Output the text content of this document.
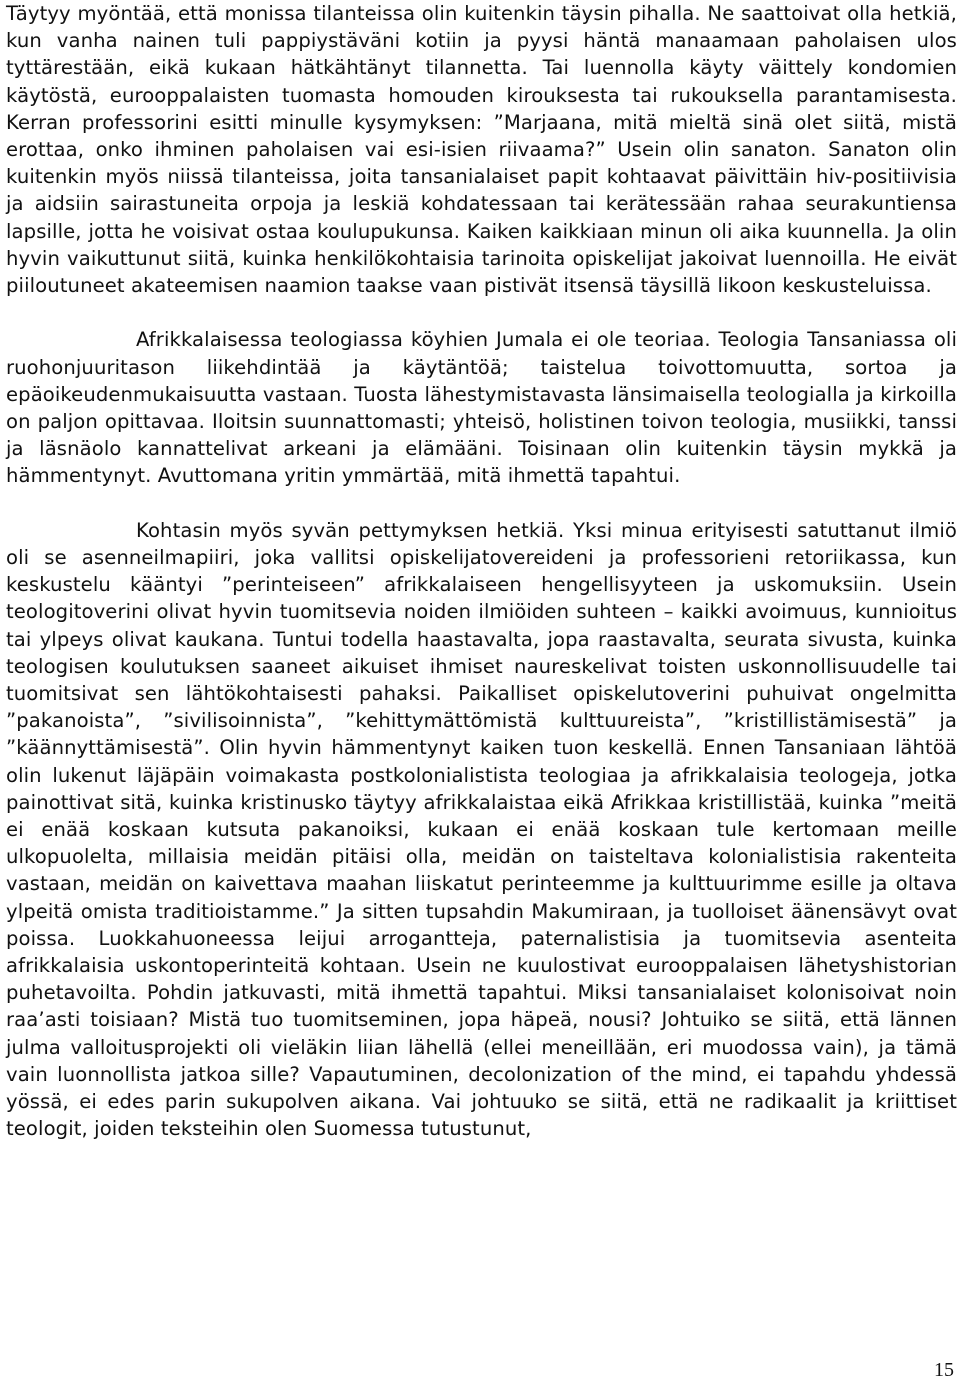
Täytyy myöntää, että monissa tilanteissa olin kuitenkin täysin pihalla. Ne saattoivat olla hetkiä, kun vanha nainen tuli pappiystäväni kotiin ja pyysi häntä manaamaan paholaisen ulos tyttärestään, eikä kukaan hätkähtänyt tilannetta. Tai luennolla käyty väittely kondomien käytöstä, eurooppalaisten tuomasta homouden kirouksesta tai rukouksella parantamisesta. Kerran professorini esitti minulle kysymyksen: ”Marjaana, mitä mieltä sinä olet siitä, mistä erottaa, onko ihminen paholaisen vai esi-isien riivaama?” Usein olin sanaton. Sanaton olin kuitenkin myös niissä tilanteissa, joita tansanialaiset papit kohtaavat päivittäin hiv-positiivisia ja aidsiin sairastuneita orpoja ja leskiä kohdatessaan tai kerätessään rahaa seurakuntiensa lapsille, jotta he voisivat ostaa koulupukunsa. Kaiken kaikkiaan minun oli aika kuunnella. Ja olin hyvin vaikuttunut siitä, kuinka henkilökohtaisia tarinoita opiskelijat jakoivat luennoilla. He eivät piiloutuneet akateemisen naamion taakse vaan pistivät itsensä täysillä likoon keskusteluissa.

Afrikkalaisessa teologiassa köyhien Jumala ei ole teoriaa. Teologia Tansaniassa oli ruohonjuuritason liikehdintää ja käytäntöä; taistelua toivottomuutta, sortoa ja epäoikeudenmukaisuutta vastaan. Tuosta lähestymistavasta länsimaisella teologialla ja kirkoilla on paljon opittavaa. Iloitsin suunnattomasti; yhteisö, holistinen toivon teologia, musiikki, tanssi ja läsnäolo kannattelivat arkeani ja elämääni. Toisinaan olin kuitenkin täysin mykkä ja hämmentynyt. Avuttomana yritin ymmärtää, mitä ihmettä tapahtui.

Kohtasin myös syvän pettymyksen hetkiä. Yksi minua erityisesti satuttanut ilmiö oli se asenneilmapiiri, joka vallitsi opiskelijatovereideni ja professorieni retoriikassa, kun keskustelu kääntyi ”perinteiseen” afrikkalaiseen hengellisyyteen ja uskomuksiin. Usein teologitoverini olivat hyvin tuomitsevia noiden ilmiöiden suhteen – kaikki avoimuus, kunnioitus tai ylpeys olivat kaukana. Tuntui todella haastavalta, jopa raastavalta, seurata sivusta, kuinka teologisen koulutuksen saaneet aikuiset ihmiset naureskelivat toisten uskonnollisuudelle tai tuomitsivat sen lähtökohtaisesti pahaksi. Paikalliset opiskelutoverini puhuivat ongelmitta ”pakanoista”, ”sivilisoinnista”, ”kehittymättömistä kulttuureista”, ”kristillistämisestä” ja ”käännyttämisestä”. Olin hyvin hämmentynyt kaiken tuon keskellä. Ennen Tansaniaan lähtöä olin lukenut läjäpäin voimakasta postkolonialistista teologiaa ja afrikkalaisia teologeja, jotka painottivat sitä, kuinka kristinusko täytyy afrikkalaistaa eikä Afrikkaa kristillistää, kuinka ”meitä ei enää koskaan kutsuta pakanoiksi, kukaan ei enää koskaan tule kertomaan meille ulkopuolelta, millaisia meidän pitäisi olla, meidän on taisteltava kolonialistisia rakenteita vastaan, meidän on kaivettava maahan liiskatut perinteemme ja kulttuurimme esille ja oltava ylpeitä omista traditioistamme.” Ja sitten tupsahdin Makumiraan, ja tuolloiset äänensävyt ovat poissa. Luokkahuoneessa leijui arrogantteja, paternalistisia ja tuomitsevia asenteita afrikkalaisia uskontoperinteitä kohtaan. Usein ne kuulostivat eurooppalaisen lähetyshistorian puhetavoilta. Pohdin jatkuvasti, mitä ihmettä tapahtui. Miksi tansanialaiset kolonisoivat noin raa’asti toisiaan? Mistä tuo tuomitseminen, jopa häpeä, nousi? Johtuiko se siitä, että lännen julma valloitusprojekti oli vieläkin liian lähellä (ellei meneillään, eri muodossa vain), ja tämä vain luonnollista jatkoa sille? Vapautuminen, decolonization of the mind, ei tapahdu yhdessä yössä, ei edes parin sukupolven aikana. Vai johtuuko se siitä, että ne radikaalit ja kriittiset teologit, joiden teksteihin olen Suomessa tutustunut,

15
